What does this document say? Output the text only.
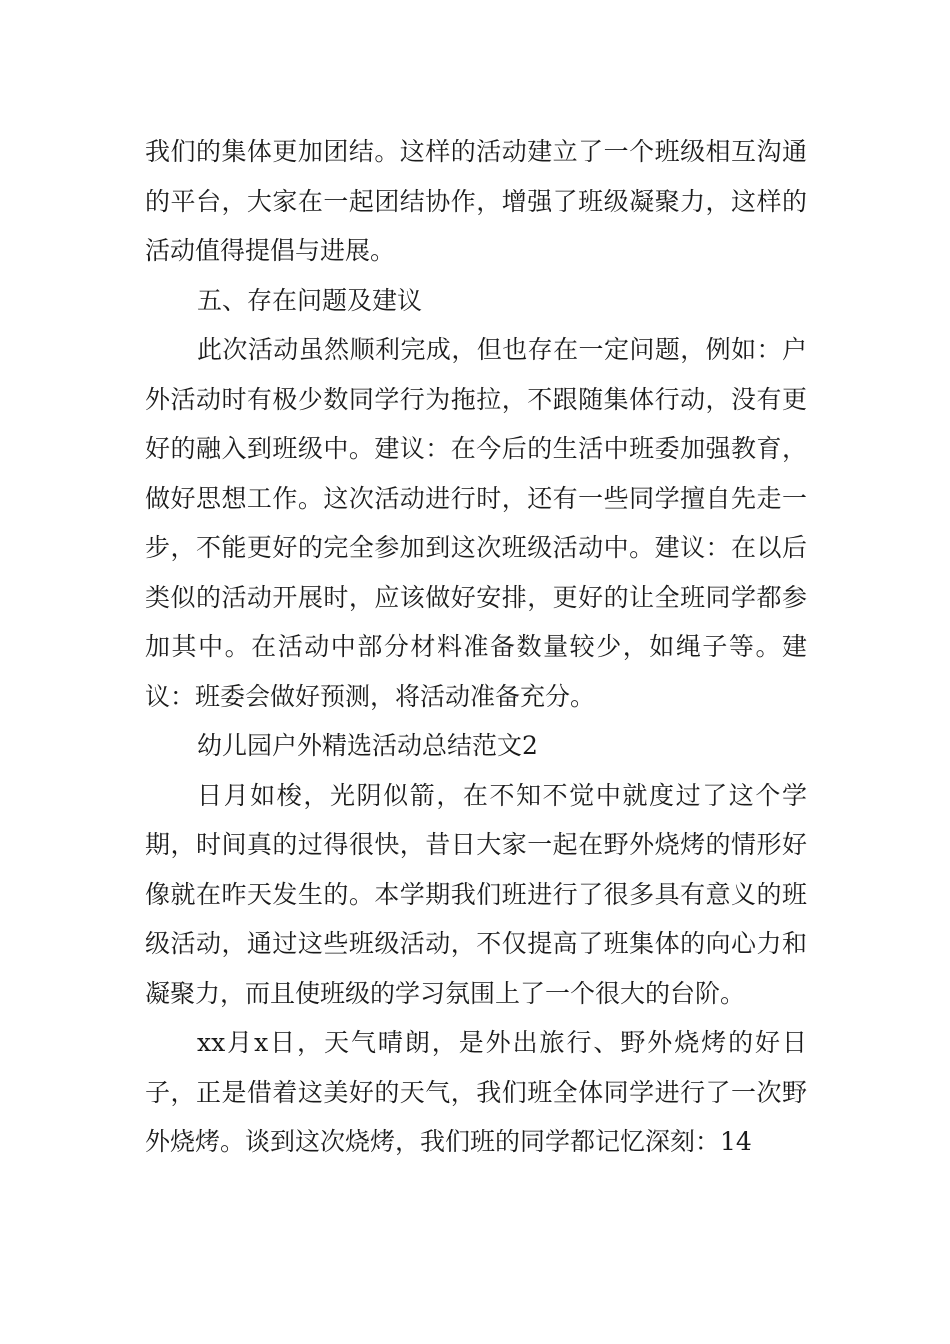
我们的集体更加团结。这样的活动建立了一个班级相互沟通的平台，大家在一起团结协作，增强了班级凝聚力，这样的活动值得提倡与进展。

五、存在问题及建议

此次活动虽然顺利完成，但也存在一定问题，例如：户外活动时有极少数同学行为拖拉，不跟随集体行动，没有更好的融入到班级中。建议：在今后的生活中班委加强教育，做好思想工作。这次活动进行时，还有一些同学擅自先走一步，不能更好的完全参加到这次班级活动中。建议：在以后类似的活动开展时，应该做好安排，更好的让全班同学都参加其中。在活动中部分材料准备数量较少，如绳子等。建议：班委会做好预测，将活动准备充分。

幼儿园户外精选活动总结范文2

日月如梭，光阴似箭，在不知不觉中就度过了这个学期，时间真的过得很快，昔日大家一起在野外烧烤的情形好像就在昨天发生的。本学期我们班进行了很多具有意义的班级活动，通过这些班级活动，不仅提高了班集体的向心力和凝聚力，而且使班级的学习氛围上了一个很大的台阶。

xx月x日，天气晴朗，是外出旅行、野外烧烤的好日子，正是借着这美好的天气，我们班全体同学进行了一次野外烧烤。谈到这次烧烤，我们班的同学都记忆深刻：14
